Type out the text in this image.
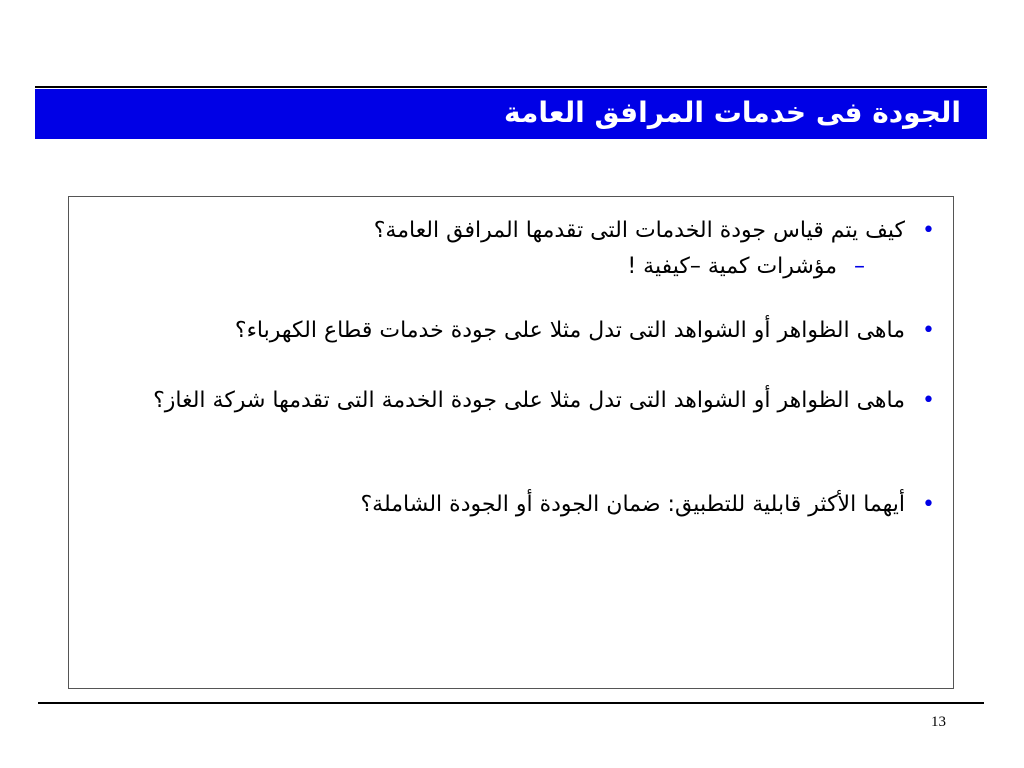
الجودة فى خدمات المرافق العامة
• كيف يتم قياس جودة الخدمات التى تقدمها المرافق العامة؟
–
مؤشرات كمية –كيفية !
• ماهى الظواهر أو الشواهد التى تدل مثلا على جودة خدمات قطاع الكهرباء؟
• ماهى الظواهر أو الشواهد التى تدل مثلا على جودة الخدمة التى تقدمها شركة الغاز؟
• أيهما الأكثر قابلية للتطبيق: ضمان الجودة أو الجودة الشاملة؟
13
